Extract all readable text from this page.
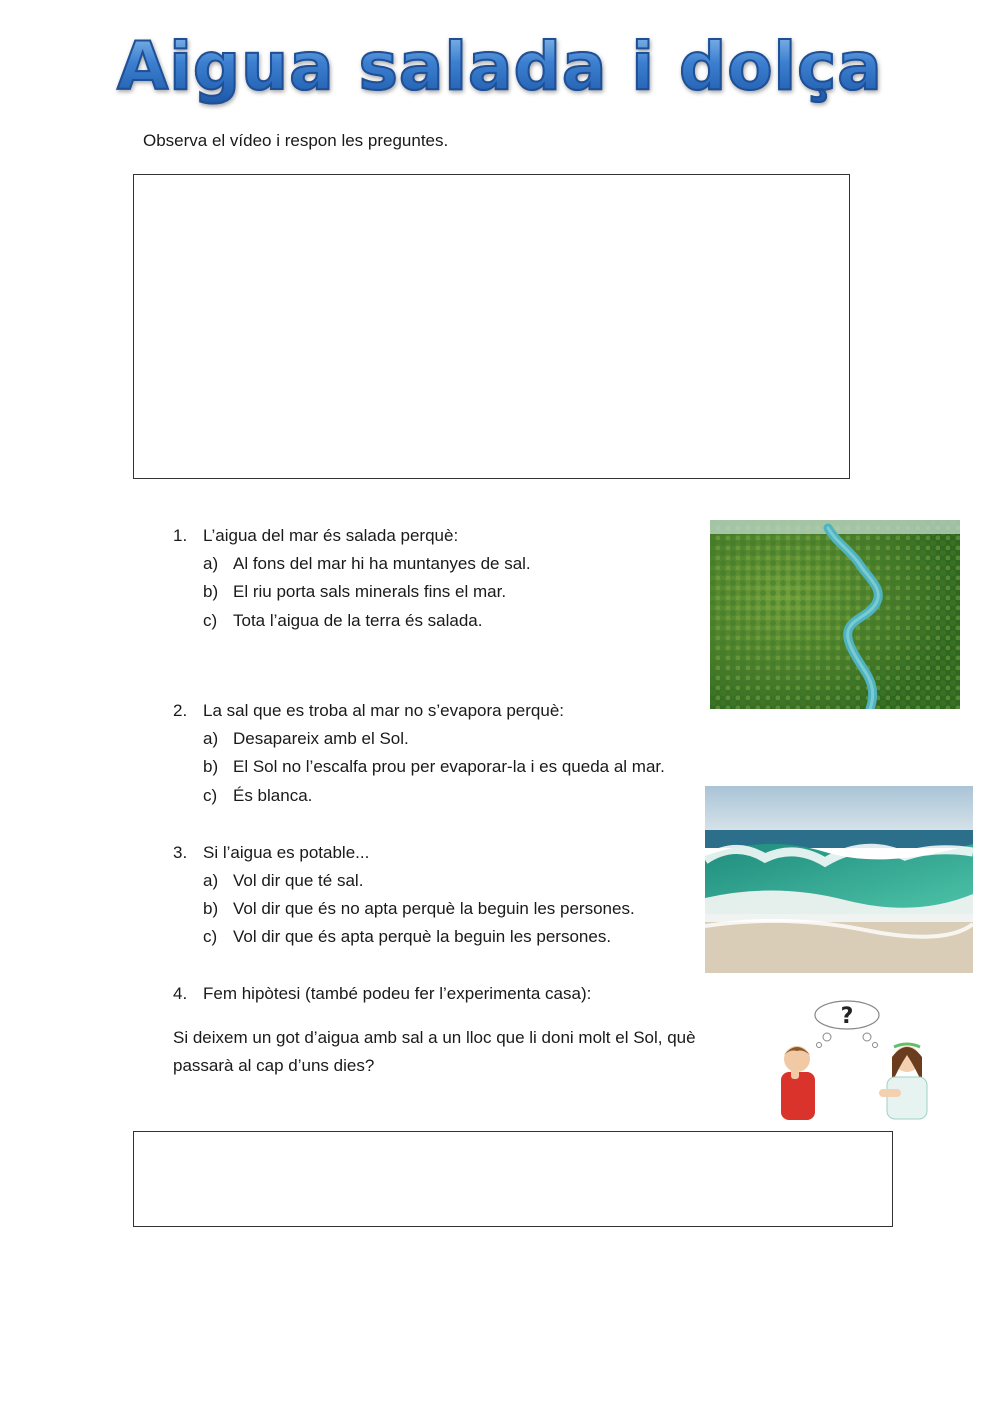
Aigua salada i dolça
Observa el vídeo i respon les preguntes.
1. L’aigua del mar és salada perquè:
a) Al fons del mar hi ha muntanyes de sal.
b) El riu porta sals minerals fins el mar.
c) Tota l’aigua de la terra és salada.
2. La sal que es troba al mar no s’evapora perquè:
a) Desapareix amb el Sol.
b) El Sol no l’escalfa prou per evaporar-la i es queda al mar.
c) És blanca.
3. Si l’aigua es potable...
a) Vol dir que té sal.
b) Vol dir que és no apta perquè la beguin les persones.
c) Vol dir que és apta perquè la beguin les persones.
4. Fem hipòtesi (també podeu fer l’experimenta casa):
Si deixem un got d’aigua amb sal a un lloc que li doni molt el Sol, què passarà al cap d’uns dies?
?
